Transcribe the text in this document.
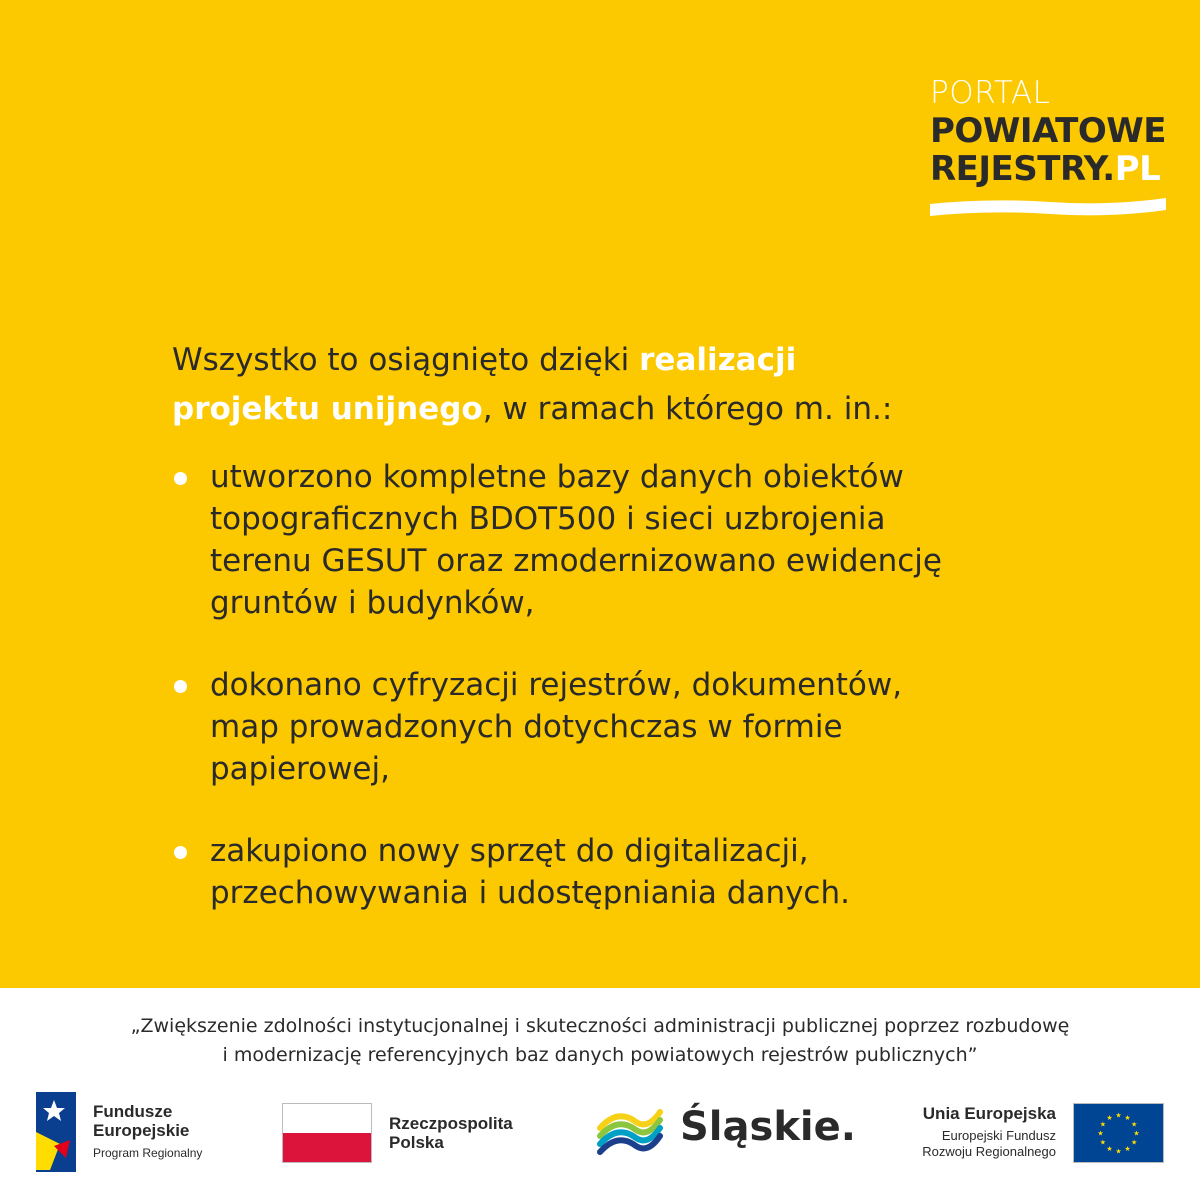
PORTAL
POWIATOWE
REJESTRY.PL
Wszystko to osiągnięto dzięki realizacji
projektu unijnego, w ramach którego m. in.:
utworzono kompletne bazy danych obiektów
topograficznych BDOT500 i sieci uzbrojenia
terenu GESUT oraz zmodernizowano ewidencję
gruntów i budynków,
dokonano cyfryzacji rejestrów, dokumentów,
map prowadzonych dotychczas w formie
papierowej,
zakupiono nowy sprzęt do digitalizacji,
przechowywania i udostępniania danych.
„Zwiększenie zdolności instytucjonalnej i skuteczności administracji publicznej poprzez rozbudowę
i modernizację referencyjnych baz danych powiatowych rejestrów publicznych”
Fundusze
Europejskie
Program Regionalny
Rzeczpospolita
Polska	Śląskie.	Unia Europejska
Europejski Fundusz
Rozwoju Regionalnego
★ ★
★
★
★
★
★
★
★
★
★
★
